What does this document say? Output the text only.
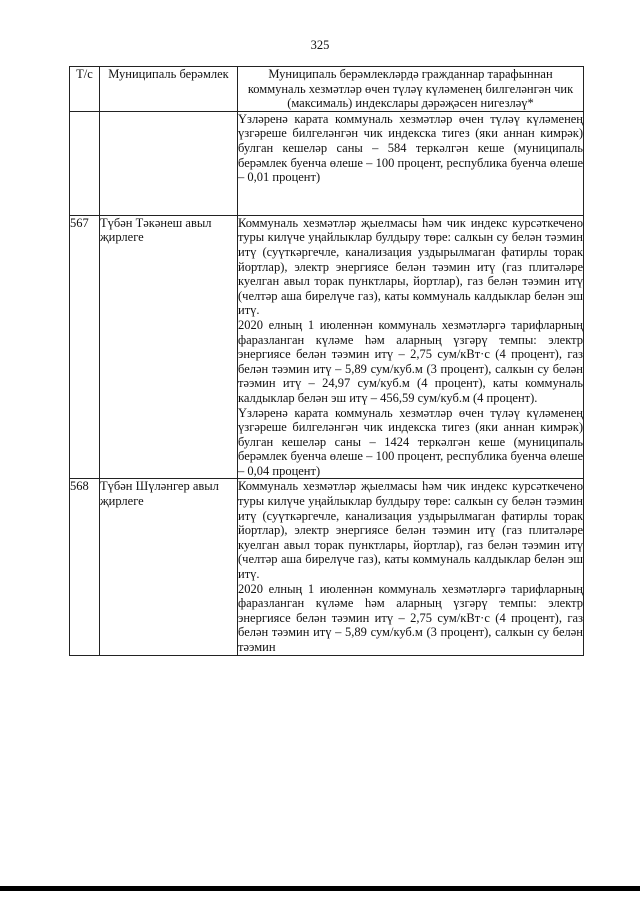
325
Т/с	Муниципаль берәмлек	Муниципаль берәмлекләрдә гражданнар тарафыннан коммуналь хезмәтләр өчен түләү күләменең билгеләнгән чик (максималь) индекслары дәрәҗәсен нигезләү*

		Үзләренә карата коммуналь хезмәтләр өчен түләү күләменең үзгәреше билгеләнгән чик индекска тигез (яки аннан кимрәк) булган кешеләр саны – 584 теркәлгән кеше (муниципаль берәмлек буенча өлеше – 100 процент, республика буенча өлеше – 0,01 процент)

567	Түбән Тәкәнеш авыл җирлеге	Коммуналь хезмәтләр җыелмасы һәм чик индекс курсәткечено туры килүче уңайлыклар булдыру төре: салкын су белән тәэмин итү (суүткәргечле, канализация уздырылмаган фатирлы торак йортлар), электр энергиясе белән тәэмин итү (газ плитәләре куелган авыл торак пунктлары, йортлар), газ белән тәэмин итү (челтәр аша бирелүче газ), каты коммуналь калдыклар белән эш итү.

2020 елның 1 июленнән коммуналь хезмәтләргә тарифларның фаразланган күләме һәм аларның үзгәрү темпы: электр энергиясе белән тәэмин итү – 2,75 сум/кВт·с (4 процент), газ белән тәэмин итү – 5,89 сум/куб.м (3 процент), салкын су белән тәэмин итү – 24,97 сум/куб.м (4 процент), каты коммуналь калдыклар белән эш итү – 456,59 сум/куб.м (4 процент).

Үзләренә карата коммуналь хезмәтләр өчен түләү күләменең үзгәреше билгеләнгән чик индекска тигез (яки аннан кимрәк) булган кешеләр саны – 1424 теркәлгән кеше (муниципаль берәмлек буенча өлеше – 100 процент, республика буенча өлеше – 0,04 процент)

568	Түбән Шүләнгер авыл җирлеге	Коммуналь хезмәтләр җыелмасы һәм чик индекс курсәткечено туры килүче уңайлыклар булдыру төре: салкын су белән тәэмин итү (суүткәргечле, канализация уздырылмаган фатирлы торак йортлар), электр энергиясе белән тәэмин итү (газ плитәләре куелган авыл торак пунктлары, йортлар), газ белән тәэмин итү (челтәр аша бирелүче газ), каты коммуналь калдыклар белән эш итү.

2020 елның 1 июленнән коммуналь хезмәтләргә тарифларның фаразланган күләме һәм аларның үзгәрү темпы: электр энергиясе белән тәэмин итү – 2,75 сум/кВт·с (4 процент), газ белән тәэмин итү – 5,89 сум/куб.м (3 процент), салкын су белән тәэмин
